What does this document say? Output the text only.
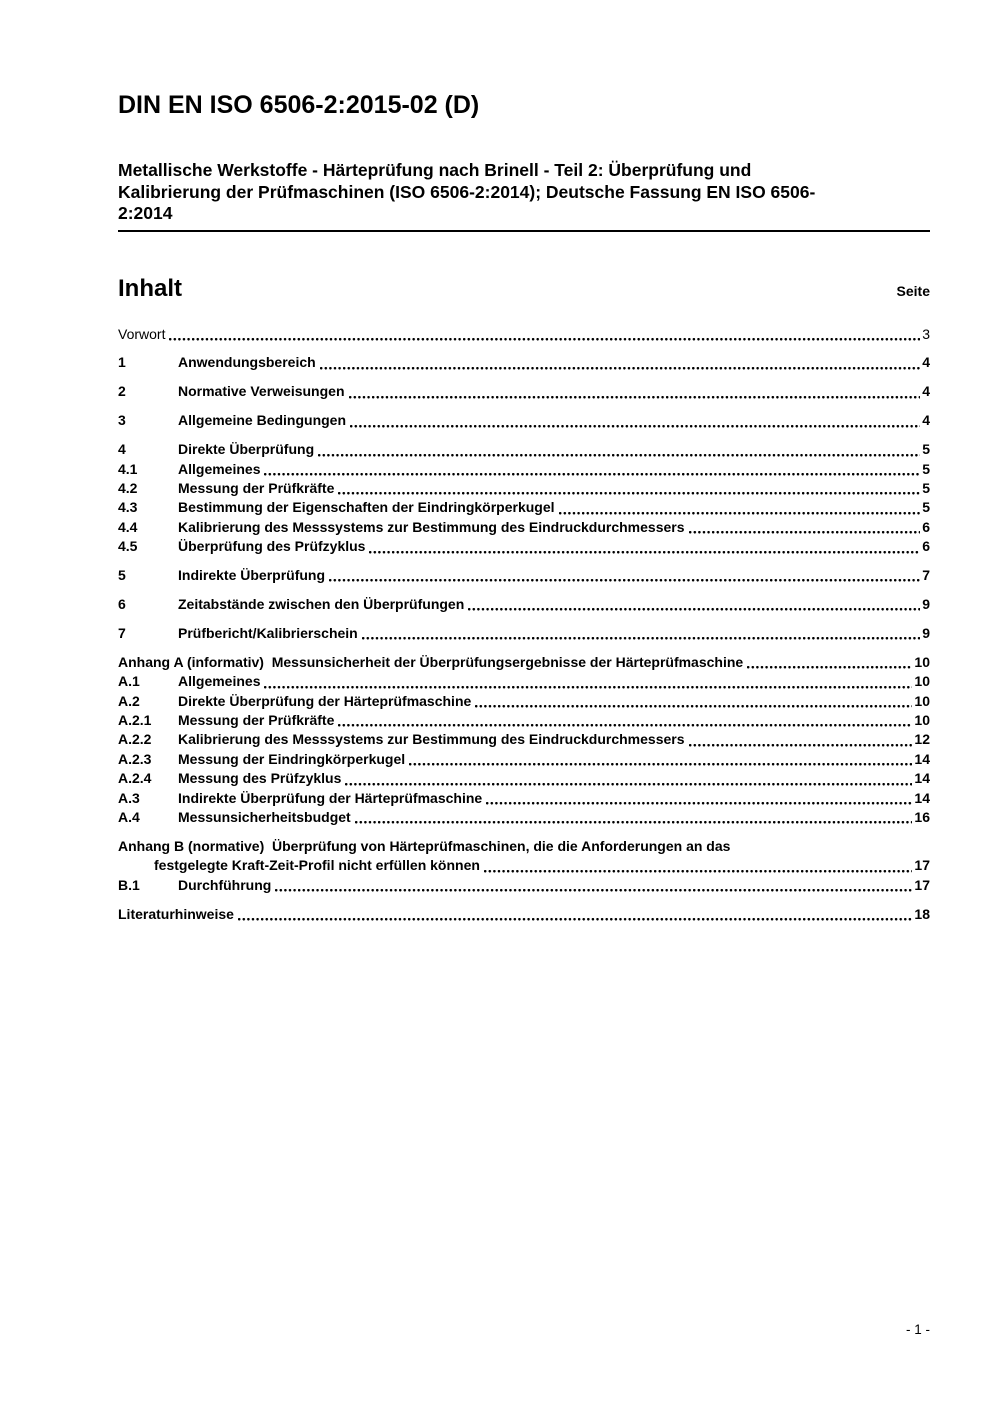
DIN EN ISO 6506-2:2015-02 (D)
Metallische Werkstoffe - Härteprüfung nach Brinell - Teil 2: Überprüfung und
Kalibrierung der Prüfmaschinen (ISO 6506-2:2014); Deutsche Fassung EN ISO 6506-
2:2014
Inhalt	Seite
Vorwort	3
1	Anwendungsbereich	4
2	Normative Verweisungen	4
3	Allgemeine Bedingungen	4
4	Direkte Überprüfung	5
4.1	Allgemeines	5
4.2	Messung der Prüfkräfte	5
4.3	Bestimmung der Eigenschaften der Eindringkörperkugel	5
4.4	Kalibrierung des Messsystems zur Bestimmung des Eindruckdurchmessers	6
4.5	Überprüfung des Prüfzyklus	6
5	Indirekte Überprüfung	7
6	Zeitabstände zwischen den Überprüfungen	9
7	Prüfbericht/Kalibrierschein	9
Anhang A (informativ)  Messunsicherheit der Überprüfungsergebnisse der Härteprüfmaschine	10
A.1	Allgemeines	10
A.2	Direkte Überprüfung der Härteprüfmaschine	10
A.2.1	Messung der Prüfkräfte	10
A.2.2	Kalibrierung des Messsystems zur Bestimmung des Eindruckdurchmessers	12
A.2.3	Messung der Eindringkörperkugel	14
A.2.4	Messung des Prüfzyklus	14
A.3	Indirekte Überprüfung der Härteprüfmaschine	14
A.4	Messunsicherheitsbudget	16
Anhang B (normative)  Überprüfung von Härteprüfmaschinen, die die Anforderungen an das
festgelegte Kraft-Zeit-Profil nicht erfüllen können	17
B.1	Durchführung	17
Literaturhinweise	18
- 1 -
